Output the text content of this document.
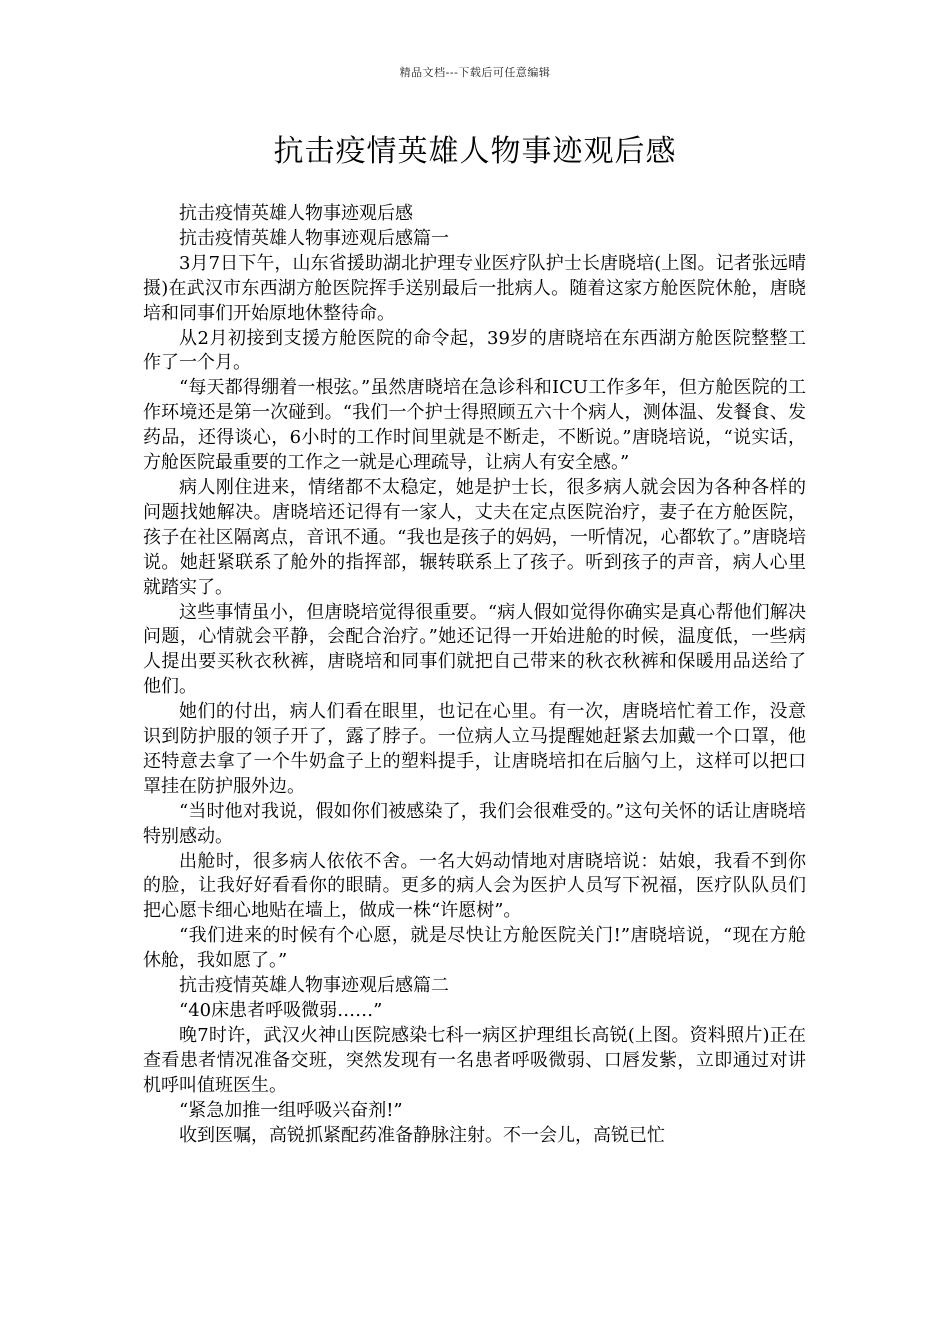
精品文档---下载后可任意编辑
抗击疫情英雄人物事迹观后感

抗击疫情英雄人物事迹观后感

抗击疫情英雄人物事迹观后感篇一

3月7日下午，山东省援助湖北护理专业医疗队护士长唐晓培(上图。记者张远晴摄)在武汉市东西湖方舱医院挥手送别最后一批病人。随着这家方舱医院休舱，唐晓培和同事们开始原地休整待命。

从2月初接到支援方舱医院的命令起，39岁的唐晓培在东西湖方舱医院整整工作了一个月。

“每天都得绷着一根弦。”虽然唐晓培在急诊科和ICU工作多年，但方舱医院的工作环境还是第一次碰到。“我们一个护士得照顾五六十个病人，测体温、发餐食、发药品，还得谈心，6小时的工作时间里就是不断走，不断说。”唐晓培说，“说实话，方舱医院最重要的工作之一就是心理疏导，让病人有安全感。”

病人刚住进来，情绪都不太稳定，她是护士长，很多病人就会因为各种各样的问题找她解决。唐晓培还记得有一家人，丈夫在定点医院治疗，妻子在方舱医院，孩子在社区隔离点，音讯不通。“我也是孩子的妈妈，一听情况，心都软了。”唐晓培说。她赶紧联系了舱外的指挥部，辗转联系上了孩子。听到孩子的声音，病人心里就踏实了。

这些事情虽小，但唐晓培觉得很重要。“病人假如觉得你确实是真心帮他们解决问题，心情就会平静，会配合治疗。”她还记得一开始进舱的时候，温度低，一些病人提出要买秋衣秋裤，唐晓培和同事们就把自己带来的秋衣秋裤和保暖用品送给了他们。

她们的付出，病人们看在眼里，也记在心里。有一次，唐晓培忙着工作，没意识到防护服的领子开了，露了脖子。一位病人立马提醒她赶紧去加戴一个口罩，他还特意去拿了一个牛奶盒子上的塑料提手，让唐晓培扣在后脑勺上，这样可以把口罩挂在防护服外边。

“当时他对我说，假如你们被感染了，我们会很难受的。”这句关怀的话让唐晓培特别感动。

出舱时，很多病人依依不舍。一名大妈动情地对唐晓培说：姑娘，我看不到你的脸，让我好好看看你的眼睛。更多的病人会为医护人员写下祝福，医疗队队员们把心愿卡细心地贴在墙上，做成一株“许愿树”。

“我们进来的时候有个心愿，就是尽快让方舱医院关门!”唐晓培说，“现在方舱休舱，我如愿了。”

抗击疫情英雄人物事迹观后感篇二

“40床患者呼吸微弱……”

晚7时许，武汉火神山医院感染七科一病区护理组长高锐(上图。资料照片)正在查看患者情况准备交班，突然发现有一名患者呼吸微弱、口唇发紫，立即通过对讲机呼叫值班医生。

“紧急加推一组呼吸兴奋剂!”

收到医嘱，高锐抓紧配药准备静脉注射。不一会儿，高锐已忙
